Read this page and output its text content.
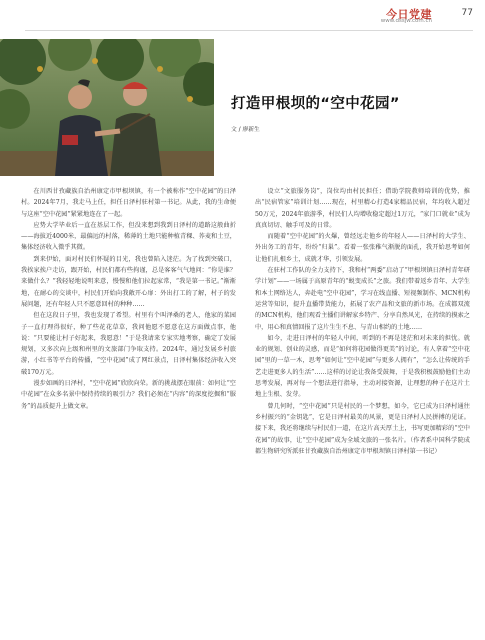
今日党建
www.dssjw.com.cn
77
打造甲根坝的“空中花园”
文 / 廖新生

在川西甘孜藏族自治州康定市甲根坝镇，有一个被称作“空中花园”的日泽村。2024年7月，我走马上任，担任日泽村驻村第一书记。从此，我的生命便与这座“空中花园”紧紧地连在了一起。

应势大学毕业后一直在基层工作，但没来想到我到日泽村的道路这般曲折——海拔近4000米，最偏远的村落，稀薄的土地只能种植青稞、荞麦和土豆，集体经济收入微乎其微。

到来伊始，面对村民们怀疑的目光，我也曾陷入迷茫。为了找到突破口，我挨家挨户走访，跟开始，村民们都有些拘谨，总是客客气气地问：“你是谁？来做什么？”我轻轻地说明来意，慢慢和他们拉起家常，“我是第一书记。”渐渐地，在耐心的交谈中，村民们开始向我敞开心扉：外出打工的了解，村子的发展问题，还有年轻人只不愿意回村的种种……

但在这段日子里，我也发现了希望。村里有个叫泽桑的老人，他家的菜园子一直打理得很好，种了些花花草草，我问他愿不愿意在这方面做点事，他说：“只要能让村子好起来，我愿意！”于是我请来专家实地考察，确定了发展规划，又多次向上级和州里的文旅部门争取支持。2024年，通过发展乡村旅游，小红书等平台的传播，“空中花园”成了网红景点，日泽村集体经济收入突破170万元。

漫步如画的日泽村，“空中花园”欣欣向荣。新的挑战摆在眼前：如何让“空中花园”在众多名景中保持持续的吸引力？我们必须在“内容”的深度挖掘和“服务”的品质提升上做文章。

设立“文旅服务岗”，岗位均由村民担任；借助学院教师培训的优势，推出“民宿管家”培训计划……现在，村里精心打造4家精品民宿，年均收入超过50万元，2024年旅游季，村民们人均增收稳定超过1万元，“家门口就业”成为真真切切、触手可及的日常。

而随着“空中花园”的火爆，曾经远走他乡的年轻人——日泽村的大学生、外出务工的青年，纷纷“归巢”。看着一张张稚气渐脱的面孔，我开始思考如何让他们扎根乡土，成就才华，引领发展。

在驻村工作队的全力支持下，我和村“两委”启动了“甲根坝镇日泽村青年研学计划”——一场属于高原青年的“蜕变成长”之旅。我们带着返乡青年、大学生和本土网络达人，奔赴电“空中花园”，学习在线直播、短视频制作、MCN机构运营等知识，提升直播带货能力，拓展了农产品和文旅的新市场。在成都双流的MCN机构，他们观看主播们讲解家乡特产、分享自然风光，在持续的摸索之中，用心和真情回报了这片生生不息、与青山相约的土地……

如今，走进日泽村的年轻人中间，听到的不再是迷茫和对未来的担忧。就业的规划、创业的灵感，而是“如何将花园做得更美”的讨论，有人拿着“空中花园”里的一草一木，思考“如何让“空中花园”与更多人拥有”，“怎么让传统的手艺走进更多人的生活”……这样的讨论让我备受鼓舞，于是我积极鼓励他们主动思考发展，再对每一个想法进行指导，主动对接资源，让理想的种子在这片土地上生根、发芽。

曾几何时，“空中花园”只是村民的一个梦想，如今，它已成为日泽村通往乡村振兴的“金钥匙”，它是日泽村最美的风景，更是日泽村人民拼搏的见证。接下来，我还将继续与村民们一道，在这片高天厚土上，书写更加精彩的“空中花园”的故事，让“空中花园”成为全域文旅的一张名片。（作者系中国科学院成都生物研究所派驻甘孜藏族自治州康定市甲根坝镇日泽村第一书记）
